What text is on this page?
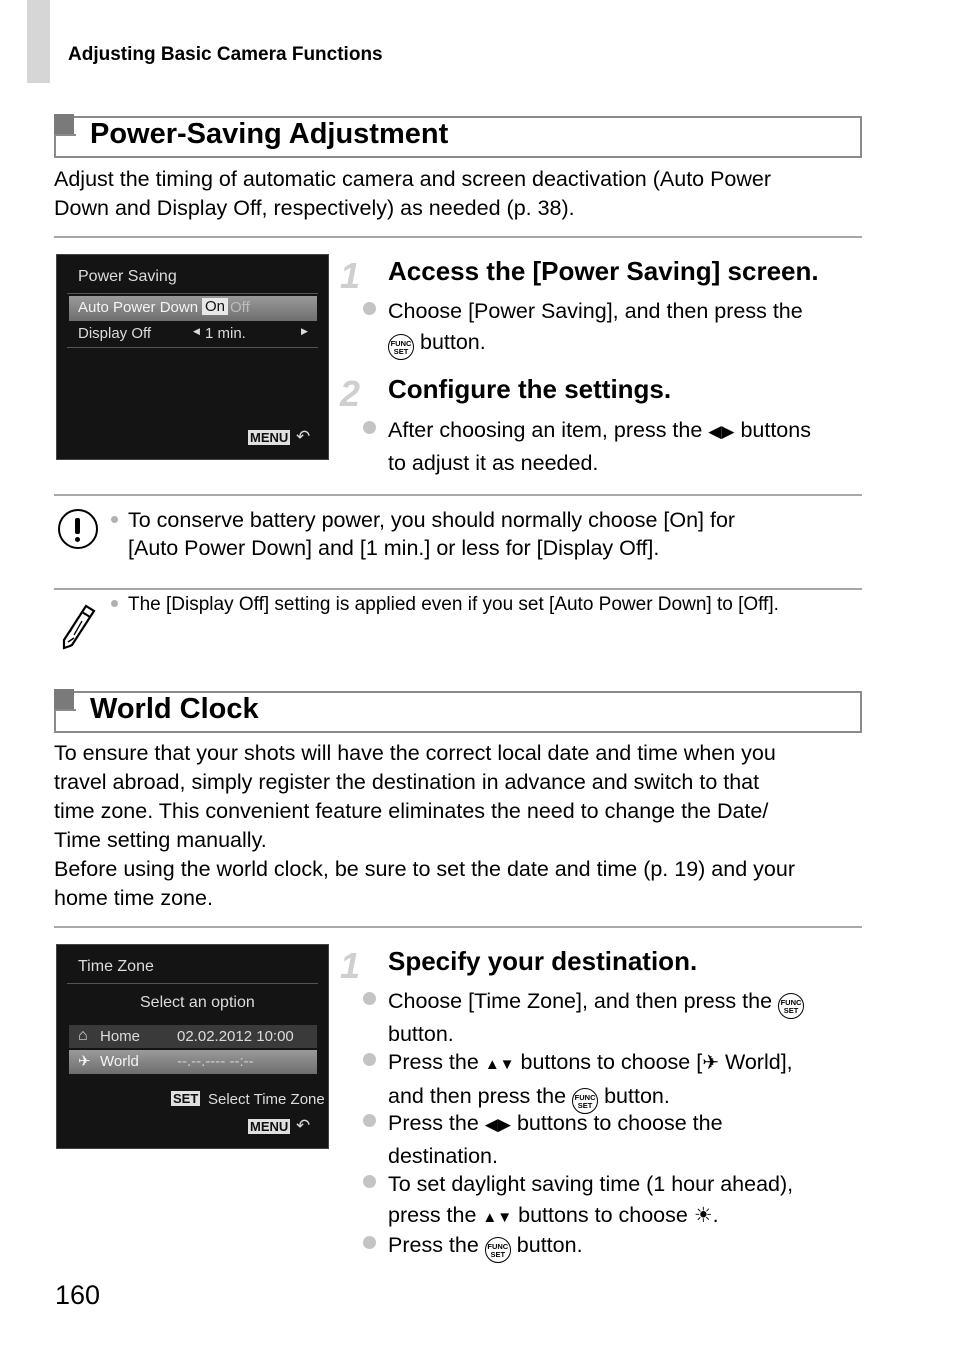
Adjusting Basic Camera Functions
Power-Saving Adjustment
Adjust the timing of automatic camera and screen deactivation (Auto Power
Down and Display Off, respectively) as needed (p. 38).
Power Saving
Auto Power Down On Off
Display Off	◀ 1 min.	▶
MENU ↶
1 Access the [Power Saving] screen.
Choose [Power Saving], and then press the
FUNC
SET button.
2 Configure the settings.
After choosing an item, press the ◀▶ buttons
to adjust it as needed.
To conserve battery power, you should normally choose [On] for
[Auto Power Down] and [1 min.] or less for [Display Off].
The [Display Off] setting is applied even if you set [Auto Power Down] to [Off].
World Clock
To ensure that your shots will have the correct local date and time when you
travel abroad, simply register the destination in advance and switch to that
time zone. This convenient feature eliminates the need to change the Date/
Time setting manually.
Before using the world clock, be sure to set the date and time (p. 19) and your
home time zone.
Time Zone
Select an option
⌂ Home 02.02.2012 10:00
✈ World	--.--.---- --:--
SET Select Time Zone
MENU ↶
1 Specify your destination.
Choose [Time Zone], and then press the FUNC
SET
button.
Press the ▲▼ buttons to choose [✈ World],
and then press the FUNC
SET button.
Press the ◀▶ buttons to choose the
destination.
To set daylight saving time (1 hour ahead),
press the ▲▼ buttons to choose ☀.
Press the FUNC
SET button.
160
